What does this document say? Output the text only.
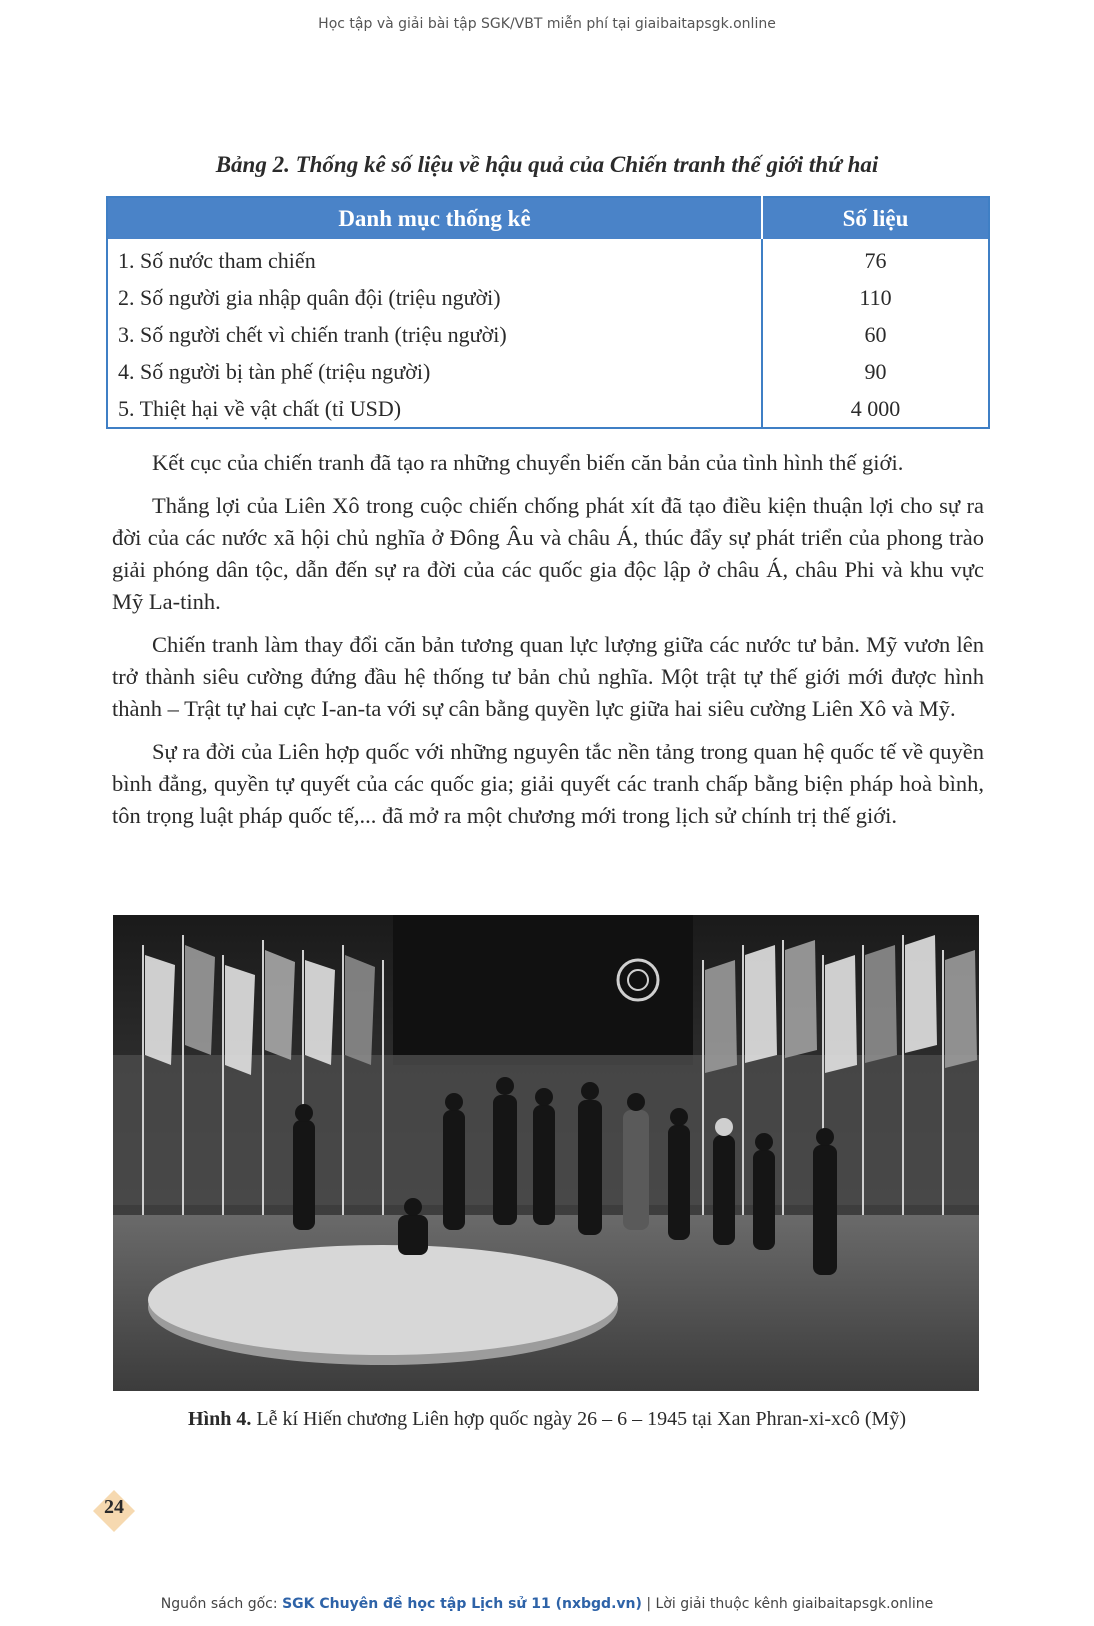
Học tập và giải bài tập SGK/VBT miễn phí tại giaibaitapsgk.online
Bảng 2. Thống kê số liệu về hậu quả của Chiến tranh thế giới thứ hai
Danh mục thống kê	Số liệu
1. Số nước tham chiến	76
2. Số người gia nhập quân đội (triệu người)	110
3. Số người chết vì chiến tranh (triệu người)	60
4. Số người bị tàn phế (triệu người)	90
5. Thiệt hại về vật chất (tỉ USD)	4 000

Kết cục của chiến tranh đã tạo ra những chuyển biến căn bản của tình hình thế giới.

Thắng lợi của Liên Xô trong cuộc chiến chống phát xít đã tạo điều kiện thuận lợi cho sự ra đời của các nước xã hội chủ nghĩa ở Đông Âu và châu Á, thúc đẩy sự phát triển của phong trào giải phóng dân tộc, dẫn đến sự ra đời của các quốc gia độc lập ở châu Á, châu Phi và khu vực Mỹ La-tinh.

Chiến tranh làm thay đổi căn bản tương quan lực lượng giữa các nước tư bản. Mỹ vươn lên trở thành siêu cường đứng đầu hệ thống tư bản chủ nghĩa. Một trật tự thế giới mới được hình thành – Trật tự hai cực I-an-ta với sự cân bằng quyền lực giữa hai siêu cường Liên Xô và Mỹ.

Sự ra đời của Liên hợp quốc với những nguyên tắc nền tảng trong quan hệ quốc tế về quyền bình đẳng, quyền tự quyết của các quốc gia; giải quyết các tranh chấp bằng biện pháp hoà bình, tôn trọng luật pháp quốc tế,... đã mở ra một chương mới trong lịch sử chính trị thế giới.

Hình 4. Lễ kí Hiến chương Liên hợp quốc ngày 26 – 6 – 1945 tại Xan Phran-xi-xcô (Mỹ)
24
Nguồn sách gốc: SGK Chuyên đề học tập Lịch sử 11 (nxbgd.vn) | Lời giải thuộc kênh giaibaitapsgk.online
